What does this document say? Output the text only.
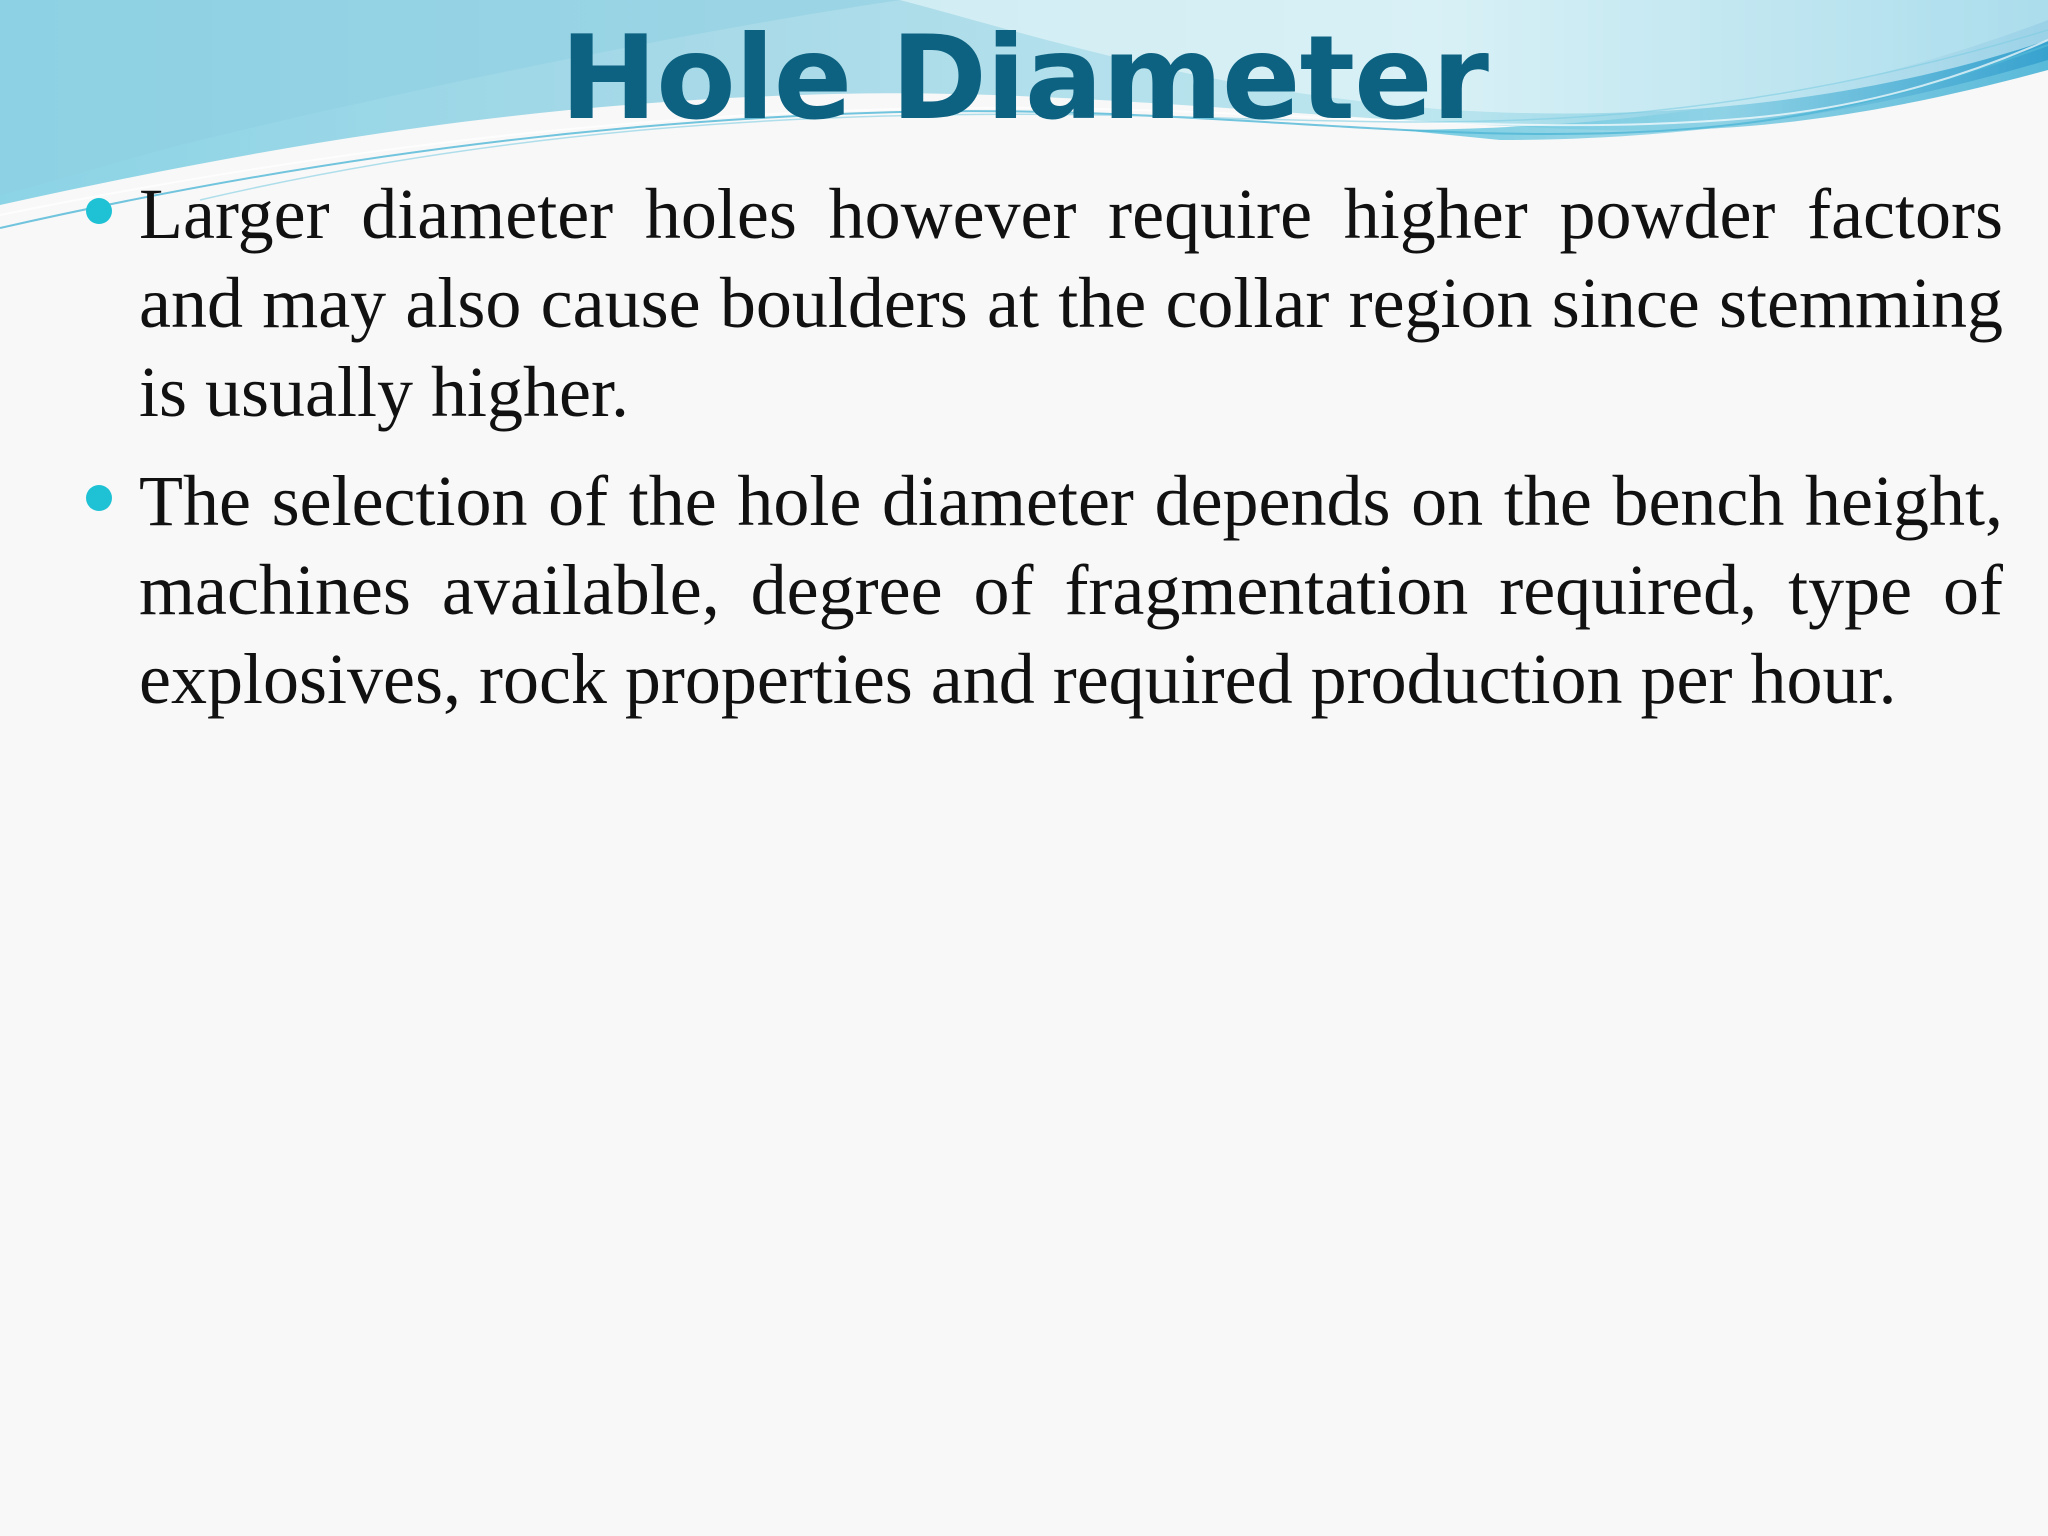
Hole Diameter
Larger diameter holes however require higher powder factors and may also cause boulders at the collar region since stemming is usually higher.
The selection of the hole diameter depends on the bench height, machines available, degree of fragmentation required, type of explosives, rock properties and required production per hour.
